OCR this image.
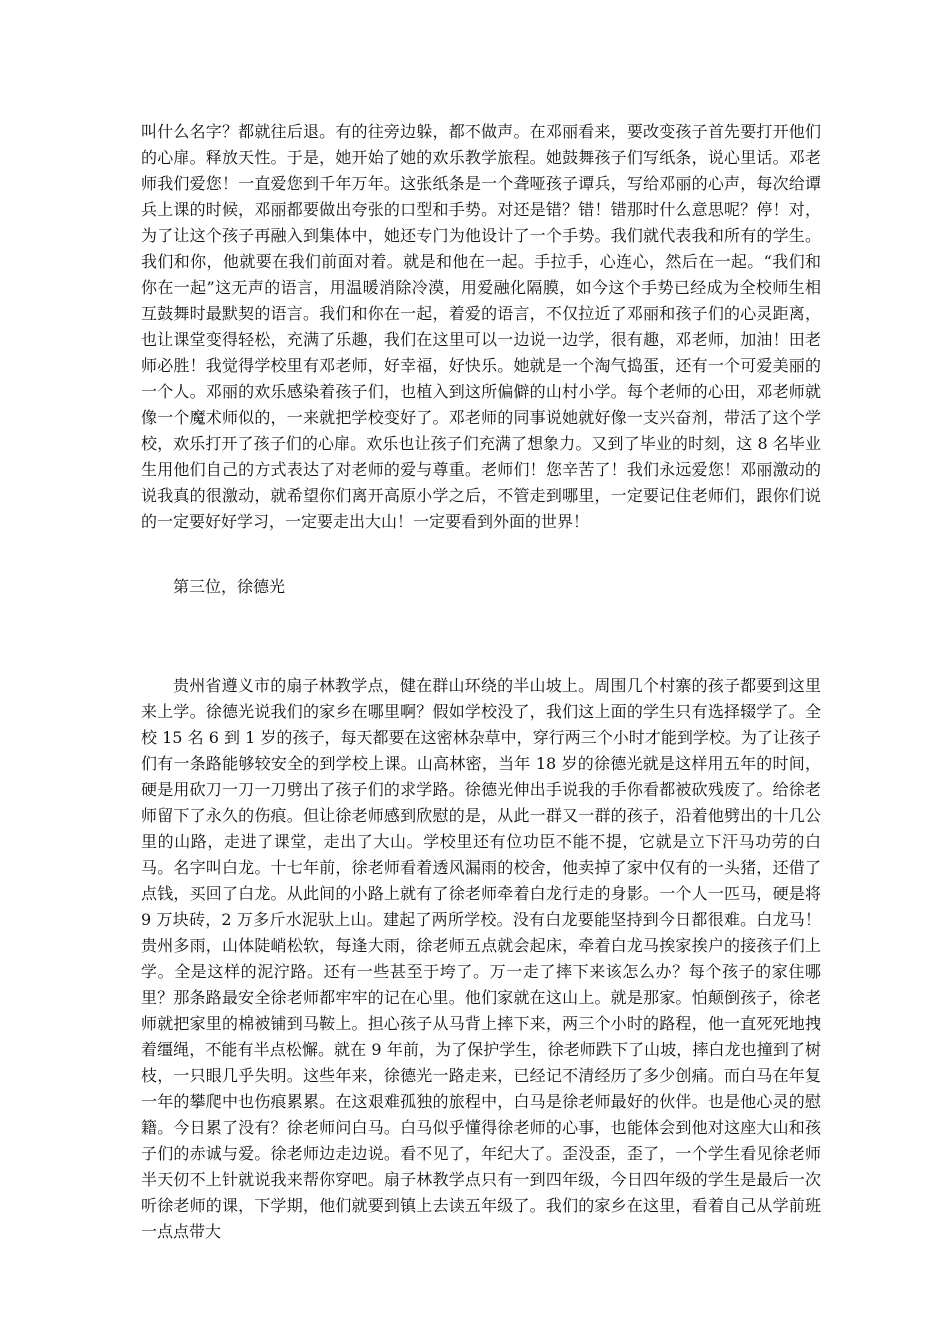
叫什么名字？都就往后退。有的往旁边躲，都不做声。在邓丽看来，要改变孩子首先要打开他们的心扉。释放天性。于是，她开始了她的欢乐教学旅程。她鼓舞孩子们写纸条，说心里话。邓老师我们爱您！一直爱您到千年万年。这张纸条是一个聋哑孩子谭兵，写给邓丽的心声，每次给谭兵上课的时候，邓丽都要做出夸张的口型和手势。对还是错？错！错那时什么意思呢？停！对，为了让这个孩子再融入到集体中，她还专门为他设计了一个手势。我们就代表我和所有的学生。我们和你，他就要在我们前面对着。就是和他在一起。手拉手，心连心，然后在一起。“我们和你在一起”这无声的语言，用温暖消除冷漠，用爱融化隔膜，如今这个手势已经成为全校师生相互鼓舞时最默契的语言。我们和你在一起，着爱的语言，不仅拉近了邓丽和孩子们的心灵距离，也让课堂变得轻松，充满了乐趣，我们在这里可以一边说一边学，很有趣，邓老师，加油！田老师必胜！我觉得学校里有邓老师，好幸福，好快乐。她就是一个淘气捣蛋，还有一个可爱美丽的一个人。邓丽的欢乐感染着孩子们，也植入到这所偏僻的山村小学。每个老师的心田，邓老师就像一个魔术师似的，一来就把学校变好了。邓老师的同事说她就好像一支兴奋剂，带活了这个学校，欢乐打开了孩子们的心扉。欢乐也让孩子们充满了想象力。又到了毕业的时刻，这 8 名毕业生用他们自己的方式表达了对老师的爱与尊重。老师们！您辛苦了！我们永远爱您！邓丽激动的说我真的很激动，就希望你们离开高原小学之后，不管走到哪里，一定要记住老师们，跟你们说的一定要好好学习，一定要走出大山！一定要看到外面的世界！

第三位，徐德光

贵州省遵义市的扇子林教学点，健在群山环绕的半山坡上。周围几个村寨的孩子都要到这里来上学。徐德光说我们的家乡在哪里啊？假如学校没了，我们这上面的学生只有选择辍学了。全校 15 名 6 到 1 岁的孩子，每天都要在这密林杂草中，穿行两三个小时才能到学校。为了让孩子们有一条路能够较安全的到学校上课。山高林密，当年 18 岁的徐德光就是这样用五年的时间，硬是用砍刀一刀一刀劈出了孩子们的求学路。徐德光伸出手说我的手你看都被砍残废了。给徐老师留下了永久的伤痕。但让徐老师感到欣慰的是，从此一群又一群的孩子，沿着他劈出的十几公里的山路，走进了课堂，走出了大山。学校里还有位功臣不能不提，它就是立下汗马功劳的白马。名字叫白龙。十七年前，徐老师看着透风漏雨的校舍，他卖掉了家中仅有的一头猪，还借了点钱，买回了白龙。从此间的小路上就有了徐老师牵着白龙行走的身影。一个人一匹马，硬是将 9 万块砖，2 万多斤水泥驮上山。建起了两所学校。没有白龙要能坚持到今日都很难。白龙马！贵州多雨，山体陡峭松软，每逢大雨，徐老师五点就会起床，牵着白龙马挨家挨户的接孩子们上学。全是这样的泥泞路。还有一些甚至于垮了。万一走了摔下来该怎么办？每个孩子的家住哪里？那条路最安全徐老师都牢牢的记在心里。他们家就在这山上。就是那家。怕颠倒孩子，徐老师就把家里的棉被铺到马鞍上。担心孩子从马背上摔下来，两三个小时的路程，他一直死死地拽着缰绳，不能有半点松懈。就在 9 年前，为了保护学生，徐老师跌下了山坡，摔白龙也撞到了树枝，一只眼几乎失明。这些年来，徐德光一路走来，已经记不清经历了多少创痛。而白马在年复一年的攀爬中也伤痕累累。在这艰难孤独的旅程中，白马是徐老师最好的伙伴。也是他心灵的慰籍。今日累了没有？徐老师问白马。白马似乎懂得徐老师的心事，也能体会到他对这座大山和孩子们的赤诚与爱。徐老师边走边说。看不见了，年纪大了。歪没歪，歪了，一个学生看见徐老师半天仞不上针就说我来帮你穿吧。扇子林教学点只有一到四年级，今日四年级的学生是最后一次听徐老师的课，下学期，他们就要到镇上去读五年级了。我们的家乡在这里，看着自己从学前班一点点带大
